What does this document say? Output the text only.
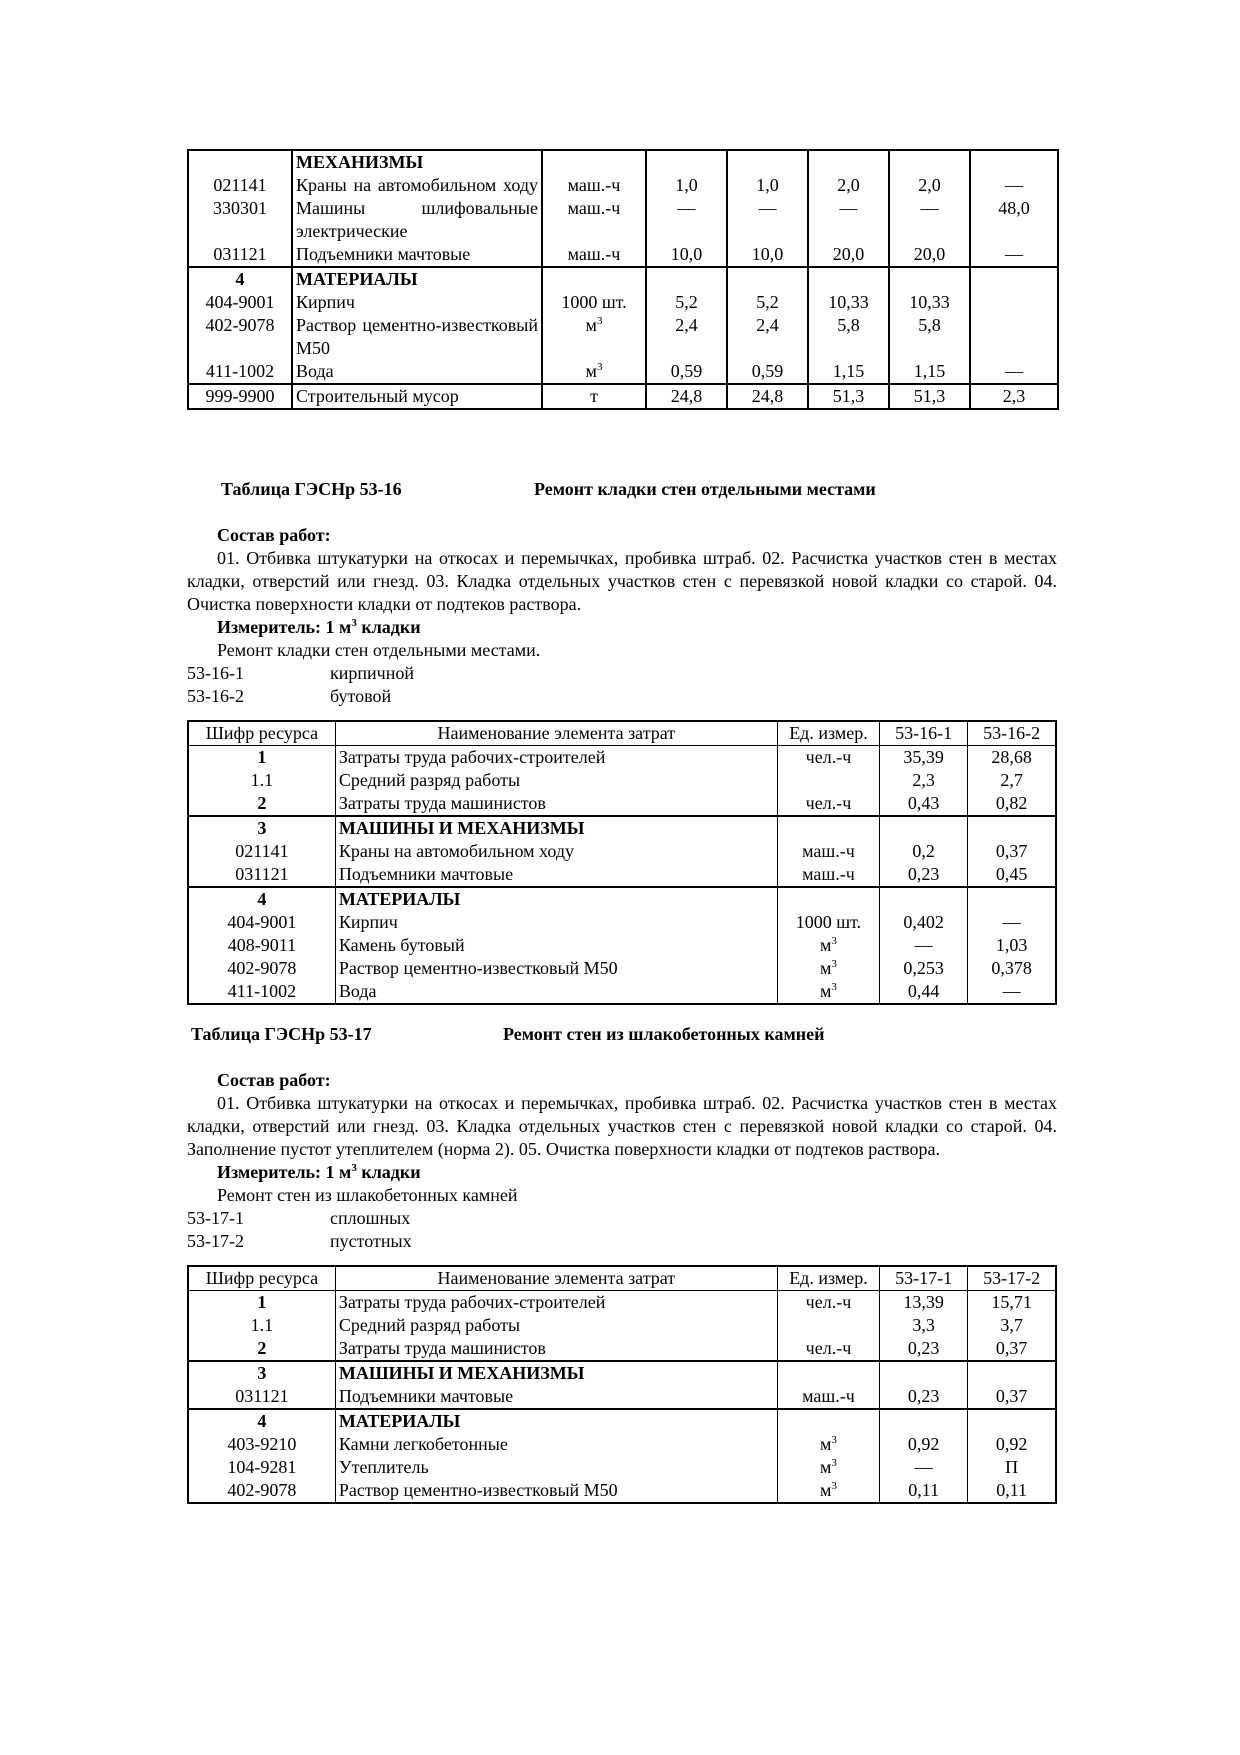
	МЕХАНИЗМЫ						
021141	Краны на автомобильном ходу	маш.-ч	1,0	1,0	2,0	2,0	—
330301	Машины шлифовальные электрические	маш.-ч	—	—	—	—	48,0
031121	Подъемники мачтовые	маш.-ч	10,0	10,0	20,0	20,0	—
4	МАТЕРИАЛЫ						
404-9001	Кирпич	1000 шт.	5,2	5,2	10,33	10,33	
402-9078	Раствор цементно-известковый М50	$м^3$	2,4	2,4	5,8	5,8	
411-1002	Вода	$м^3$	0,59	0,59	1,15	1,15	—
999-9900	Строительный мусор	т	24,8	24,8	51,3	51,3	2,3
Таблица ГЭСНр 53-16	Ремонт кладки стен отдельными местами

Состав работ:

01. Отбивка штукатурки на откосах и перемычках, пробивка штраб. 02. Расчистка участков стен в местах кладки, отверстий или гнезд. 03. Кладка отдельных участков стен с перевязкой новой кладки со старой. 04. Очистка поверхности кладки от подтеков раствора.

Измеритель: 1 $м^3$ кладки

Ремонт кладки стен отдельными местами.

53-16-1	кирпичной
53-16-2	бутовой
Шифр ресурса	Наименование элемента затрат	Ед. измер.	53-16-1	53-16-2
1	Затраты труда рабочих-строителей	чел.-ч	35,39	28,68
1.1	Средний разряд работы		2,3	2,7
2	Затраты труда машинистов	чел.-ч	0,43	0,82
3	МАШИНЫ И МЕХАНИЗМЫ			
021141	Краны на автомобильном ходу	маш.-ч	0,2	0,37
031121	Подъемники мачтовые	маш.-ч	0,23	0,45
4	МАТЕРИАЛЫ			
404-9001	Кирпич	1000 шт.	0,402	—
408-9011	Камень бутовый	$м^3$	—	1,03
402-9078	Раствор цементно-известковый М50	$м^3$	0,253	0,378
411-1002	Вода	$м^3$	0,44	—
Таблица ГЭСНр 53-17	Ремонт стен из шлакобетонных камней

Состав работ:

01. Отбивка штукатурки на откосах и перемычках, пробивка штраб. 02. Расчистка участков стен в местах кладки, отверстий или гнезд. 03. Кладка отдельных участков стен с перевязкой новой кладки со старой. 04. Заполнение пустот утеплителем (норма 2). 05. Очистка поверхности кладки от подтеков раствора.

Измеритель: 1 $м^3$ кладки

Ремонт стен из шлакобетонных камней

53-17-1	сплошных
53-17-2	пустотных
Шифр ресурса	Наименование элемента затрат	Ед. измер.	53-17-1	53-17-2
1	Затраты труда рабочих-строителей	чел.-ч	13,39	15,71
1.1	Средний разряд работы		3,3	3,7
2	Затраты труда машинистов	чел.-ч	0,23	0,37
3	МАШИНЫ И МЕХАНИЗМЫ			
031121	Подъемники мачтовые	маш.-ч	0,23	0,37
4	МАТЕРИАЛЫ			
403-9210	Камни легкобетонные	$м^3$	0,92	0,92
104-9281	Утеплитель	$м^3$	—	П
402-9078	Раствор цементно-известковый М50	$м^3$	0,11	0,11
